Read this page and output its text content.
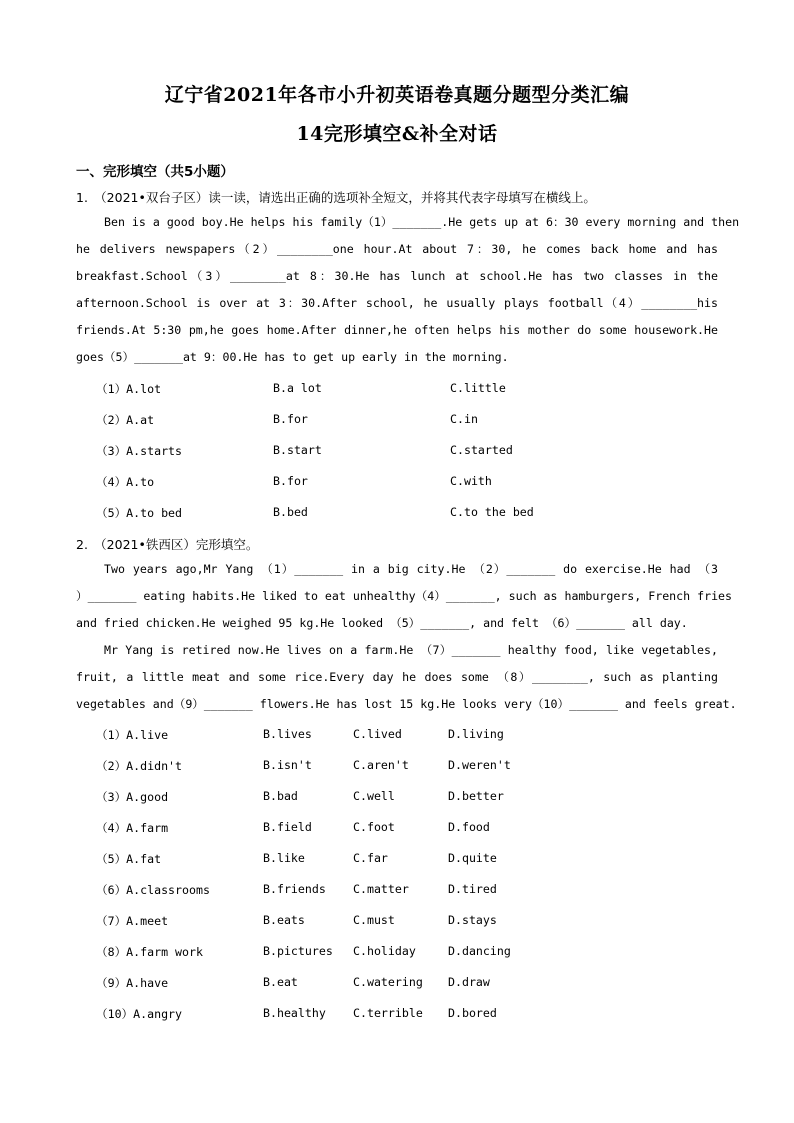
辽宁省2021年各市小升初英语卷真题分题型分类汇编
14完形填空&补全对话
一、完形填空（共5小题）
1.　（2021•双台子区）读一读，请选出正确的选项补全短文，并将其代表字母填写在横线上。
Ben is a good boy.He helps his family（1）_______.He gets up at 6：30 every morning and then
he delivers newspapers（2）________one hour.At about 7：30, he comes back home and has
breakfast.School（3）________at 8：30.He has lunch at school.He has two classes in the
afternoon.School is over at 3：30.After school, he usually plays football（4）________his
friends.At 5:30 pm,he goes home.After dinner,he often helps his mother do some housework.He
goes（5）_______at 9：00.He has to get up early in the morning.
（1）A.lot	B.a lot	C.little
（2）A.at	B.for	C.in
（3）A.starts	B.start	C.started
（4）A.to	B.for	C.with
（5）A.to bed	B.bed	C.to the bed
2.　（2021•铁西区）完形填空。
Two years ago,Mr Yang （1）_______ in a big city.He （2）_______ do exercise.He had （3
）_______ eating habits.He liked to eat unhealthy（4）_______, such as hamburgers, French fries
and fried chicken.He weighed 95 kg.He looked （5）_______, and felt （6）_______ all day.
Mr Yang is retired now.He lives on a farm.He （7）_______ healthy food, like vegetables,
fruit, a little meat and some rice.Every day he does some （8）________, such as planting
vegetables and（9）_______ flowers.He has lost 15 kg.He looks very（10）_______ and feels great.
（1）A.live	B.lives	C.lived	D.living
（2）A.didn't	B.isn't	C.aren't	D.weren't
（3）A.good	B.bad	C.well	D.better
（4）A.farm	B.field	C.foot	D.food
（5）A.fat	B.like	C.far	D.quite
（6）A.classrooms	B.friends C.matter	D.tired
（7）A.meet	B.eats	C.must	D.stays
（8）A.farm work	B.pictures C.holiday	D.dancing
（9）A.have	B.eat	C.watering D.draw
（10）A.angry	B.healthy C.terrible D.bored
